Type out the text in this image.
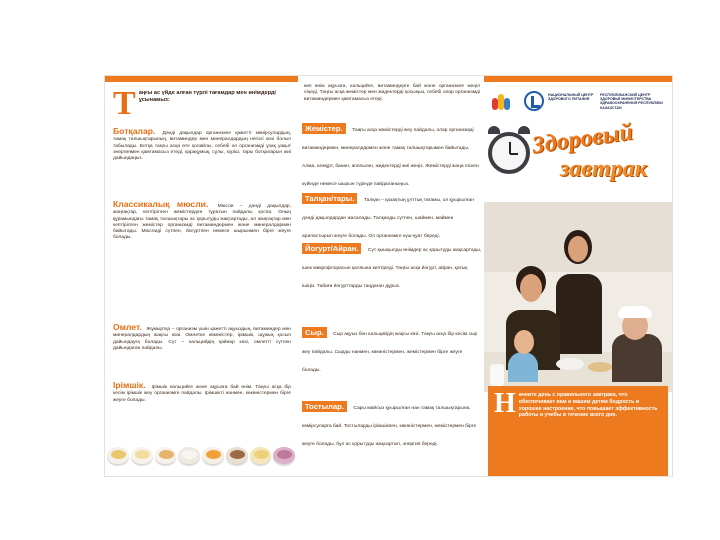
Т аңғы ас үйде алған түрлі тағамдар мен өнімдерді ұсынамыз:
Ботқалар. Дәнді дақылдар организмге қажетті көмірсулардың, тамақ талшықтарының, витаминдер мен минералдардың негізгі көзі болып табылады. Ботқа таңғы асқа өте қолайлы, себебі ол организмді ұзақ уақыт энергиямен қамтамасыз етеді, қарақұмық, сұлы, күріш, тары ботқаларын жиі дайындаңыз.
Классикалық мюсли. Мюсли – дәнді дақылдар, жаңғақтар, кептірілген жемістерден тұратын пайдалы қоспа. Оның құрамындағы тамақ талшықтары ас қорытуды жақсартады, ал жаңғақтар мен кептірілген жемістер организмді витаминдермен және минералдармен байытады. Мюслиді сүтпен, йогуртпен немесе шырынмен бірге жеуге болады.
Омлет. Жұмыртқа – организм үшін қажетті ақуыздың, витаминдер мен минералдардың жақсы көзі. Омлетке көкөністер, ірімшік, шұжық қосып дайындауға болады. Сүт – кальцийдің қайнар көзі, омлетті сүтпен дайындаған пайдалы.
Ірімшік. Ірімшік кальцийге және ақуызға бай өнім. Таңғы асқа бір кесім ірімшік жеу организмге пайдалы. Ірімшікті нанмен, көкөністермен бірге жеуге болады.
көп өнім ақуызға, кальцийге, витаминдерге бай және организмге жеңіл сіңеді. Таңғы асқа жемістер мен жидектерді қосыңыз, себебі олар организмді витаминдермен қамтамасыз етеді.
Жемістер. Таңғы асқа жемістерді жеу пайдалы, олар организмді витаминдермен, минералдармен және тамақ талшықтарымен байытады. Алма, алмұрт, банан, апельсин, жидектерді жиі жеңіз. Жемістерді жаңа піскен күйінде немесе шырын түрінде пайдаланыңыз.
Талқан/тары. Талқан – қазақтың ұлттық тағамы, ол қуырылған дәнді дақылдардан жасалады. Талқанды сүтпен, шаймен, маймен араластырып жеуге болады. Ол организмге күш-қуат береді.
Йогурт/Айран. Сүт қышқылды өнімдер ас қорытуды жақсартады, ішек микрофлорасын қалпына келтіреді. Таңғы асқа йогурт, айран, қатық ішіңіз. Табиғи йогурттарды таңдаған дұрыс.
Сыр. Сыр ақуыз бен кальцийдің жақсы көзі. Таңғы асқа бір кесім сыр жеу пайдалы. Сырды нанмен, көкөністермен, жемістермен бірге жеуге болады.
Тостылар. Сары майсыз қуырылған нан тамақ талшықтарына, көмірсуларға бай. Тостыларды ірімшікпен, көкөністермен, жемістермен бірге жеуге болады, бұл ас қорытуды жақсартып, энергия береді.
НАЦИОНАЛЬНЫЙ ЦЕНТР ЗДОРОВОГО ПИТАНИЯ
РЕСПУБЛИКАНСКИЙ ЦЕНТР ЗДОРОВЬЯ МИНИСТЕРСТВА ЗДРАВООХРАНЕНИЯ РЕСПУБЛИКИ КАЗАХСТАН
Здоровый
завтрак
Н ачните день с правильного завтрака, что обеспечивает вам и вашим детям бодрость и хорошее настроение, что повышает эффективность работы и учебы в течение всего дня.
